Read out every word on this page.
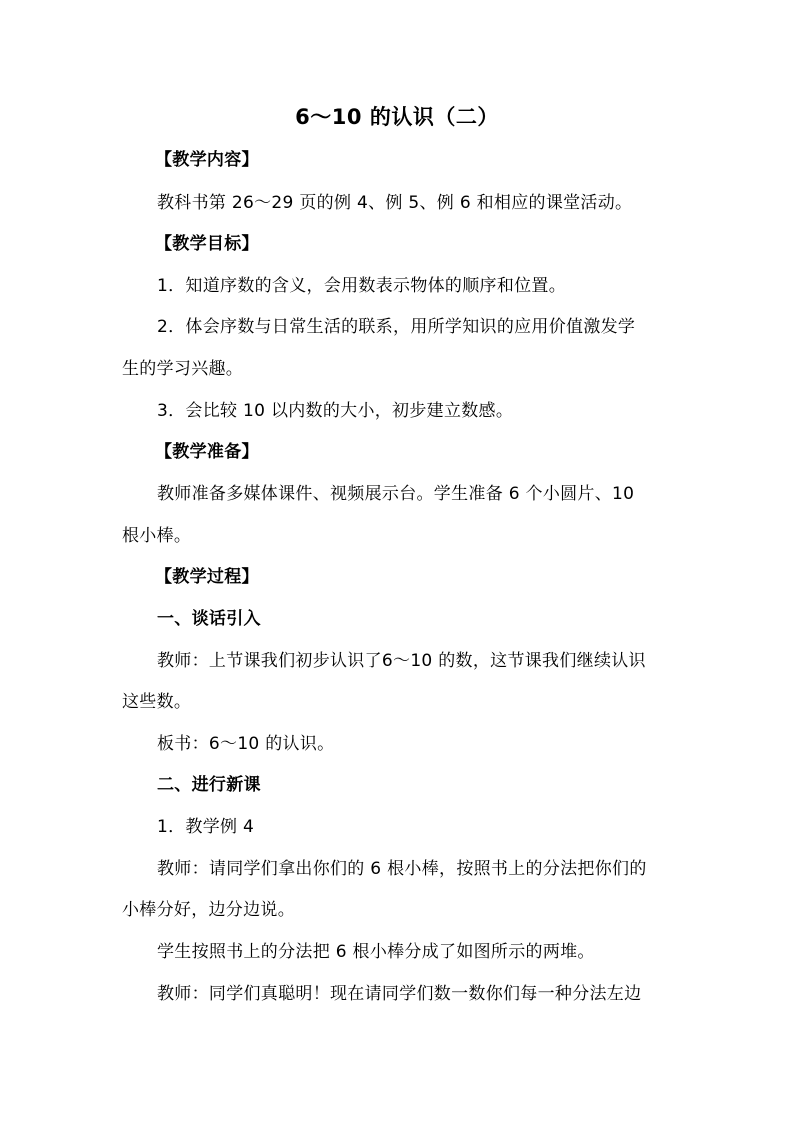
6～10 的认识（二）
【教学内容】
教科书第 26～29 页的例 4、例 5、例 6 和相应的课堂活动。
【教学目标】
1．知道序数的含义，会用数表示物体的顺序和位置。
2．体会序数与日常生活的联系，用所学知识的应用价值激发学
生的学习兴趣。
3．会比较 10 以内数的大小，初步建立数感。
【教学准备】
教师准备多媒体课件、视频展示台。学生准备 6 个小圆片、10
根小棒。
【教学过程】
一、谈话引入
教师：上节课我们初步认识了6～10 的数，这节课我们继续认识
这些数。
板书：6～10 的认识。
二、进行新课
1．教学例 4
教师：请同学们拿出你们的 6 根小棒，按照书上的分法把你们的
小棒分好，边分边说。
学生按照书上的分法把 6 根小棒分成了如图所示的两堆。
教师：同学们真聪明！现在请同学们数一数你们每一种分法左边
